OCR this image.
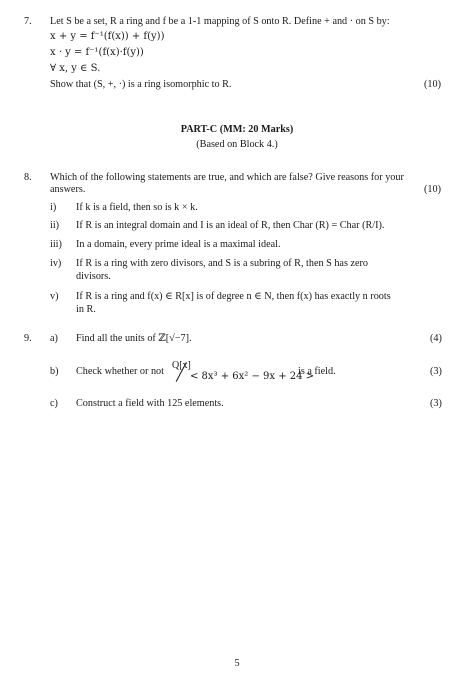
7. Let S be a set, R a ring and f be a 1-1 mapping of S onto R. Define + and · on S by:
x + y = f⁻¹(f(x)) + f(y))
x · y = f⁻¹(f(x)·f(y))
∀ x, y ∈ S.
Show that (S, +, ·) is a ring isomorphic to R.	(10)
PART-C (MM: 20 Marks)
(Based on Block 4.)
8. Which of the following statements are true, and which are false? Give reasons for your
answers.	(10)
i) If k is a field, then so is k × k.
ii) If R is an integral domain and I is an ideal of R, then Char (R) = Char (R/I).
iii) In a domain, every prime ideal is a maximal ideal.
iv) If R is a ring with zero divisors, and S is a subring of R, then S has zero
divisors.
v) If R is a ring and f(x) ∈ R[x] is of degree n ∈ N, then f(x) has exactly n roots
in R.
9. a) Find all the units of ℤ[√−7].	(4)
b) Check whether or not
Q[x]
< 8x³ + 6x² − 9x + 24 >
is a field.	(3)
c) Construct a field with 125 elements.	(3)
5
